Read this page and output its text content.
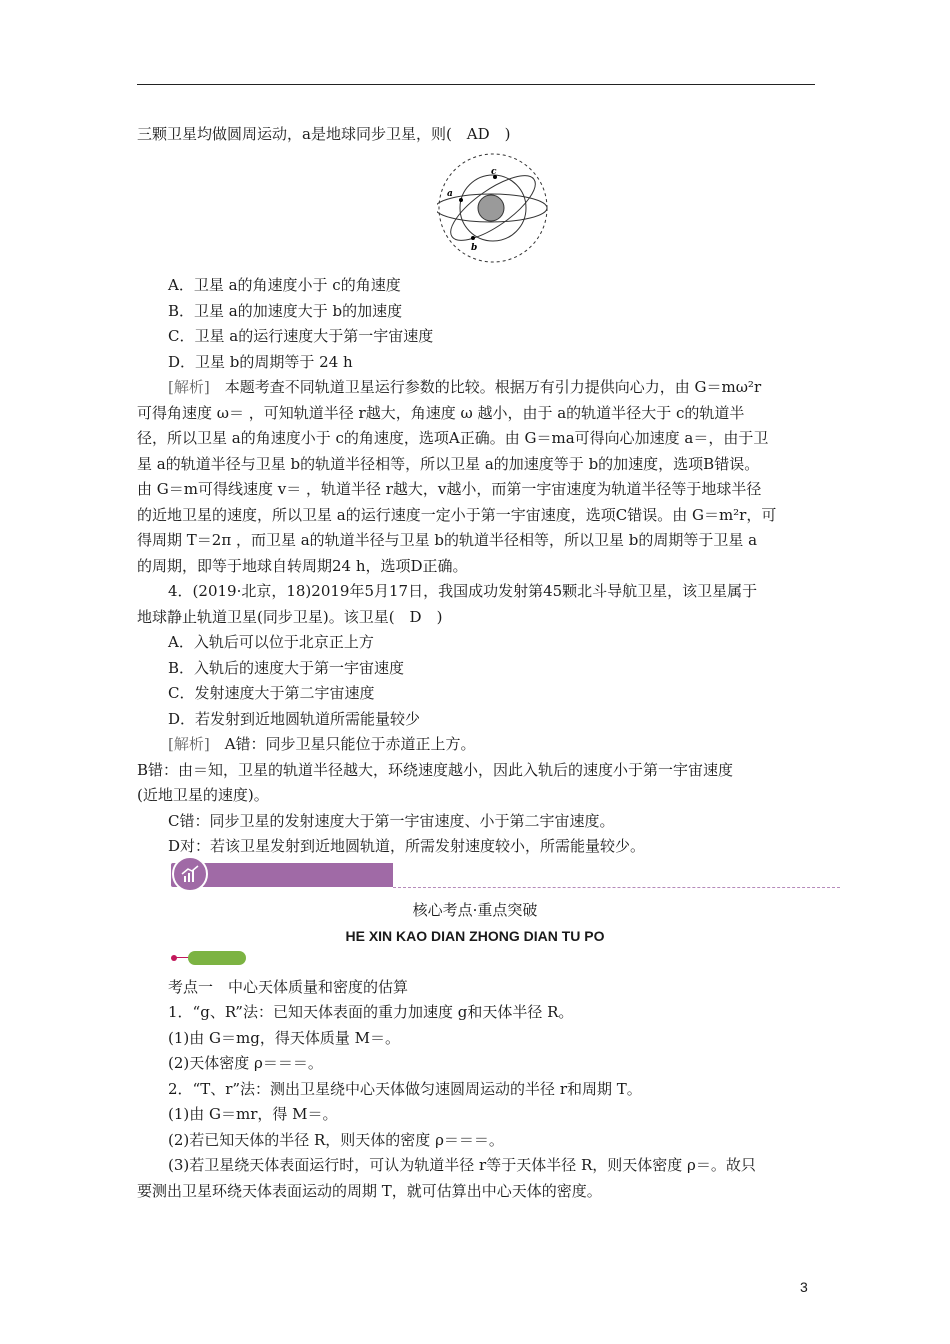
三颗卫星均做圆周运动，a是地球同步卫星，则(　AD　)
a
b
c
A．卫星 a的角速度小于 c的角速度
B．卫星 a的加速度大于 b的加速度
C．卫星 a的运行速度大于第一宇宙速度
D．卫星 b的周期等于 24 h
[解析]　本题考查不同轨道卫星运行参数的比较。根据万有引力提供向心力，由 G＝mω²r
可得角速度 ω＝ ，可知轨道半径 r越大，角速度 ω 越小，由于 a的轨道半径大于 c的轨道半
径，所以卫星 a的角速度小于 c的角速度，选项A正确。由 G＝ma可得向心加速度 a＝，由于卫
星 a的轨道半径与卫星 b的轨道半径相等，所以卫星 a的加速度等于 b的加速度，选项B错误。
由 G＝m可得线速度 v＝ ，轨道半径 r越大，v越小，而第一宇宙速度为轨道半径等于地球半径
的近地卫星的速度，所以卫星 a的运行速度一定小于第一宇宙速度，选项C错误。由 G＝m²r，可
得周期 T＝2π ，而卫星 a的轨道半径与卫星 b的轨道半径相等，所以卫星 b的周期等于卫星 a
的周期，即等于地球自转周期24 h，选项D正确。
4．(2019·北京，18)2019年5月17日，我国成功发射第45颗北斗导航卫星，该卫星属于
地球静止轨道卫星(同步卫星)。该卫星(　D　)
A．入轨后可以位于北京正上方
B．入轨后的速度大于第一宇宙速度
C．发射速度大于第二宇宙速度
D．若发射到近地圆轨道所需能量较少
[解析]　A错：同步卫星只能位于赤道正上方。
B错：由＝知，卫星的轨道半径越大，环绕速度越小，因此入轨后的速度小于第一宇宙速度
(近地卫星的速度)。
C错：同步卫星的发射速度大于第一宇宙速度、小于第二宇宙速度。
D对：若该卫星发射到近地圆轨道，所需发射速度较小，所需能量较少。
核心考点·重点突破
HE XIN KAO DIAN ZHONG DIAN TU PO
考点一　中心天体质量和密度的估算
1．“g、R”法：已知天体表面的重力加速度 g和天体半径 R。
(1)由 G＝mg，得天体质量 M＝。
(2)天体密度 ρ＝＝＝。
2．“T、r”法：测出卫星绕中心天体做匀速圆周运动的半径 r和周期 T。
(1)由 G＝mr，得 M＝。
(2)若已知天体的半径 R，则天体的密度 ρ＝＝＝。
(3)若卫星绕天体表面运行时，可认为轨道半径 r等于天体半径 R，则天体密度 ρ＝。故只
要测出卫星环绕天体表面运动的周期 T，就可估算出中心天体的密度。
3
